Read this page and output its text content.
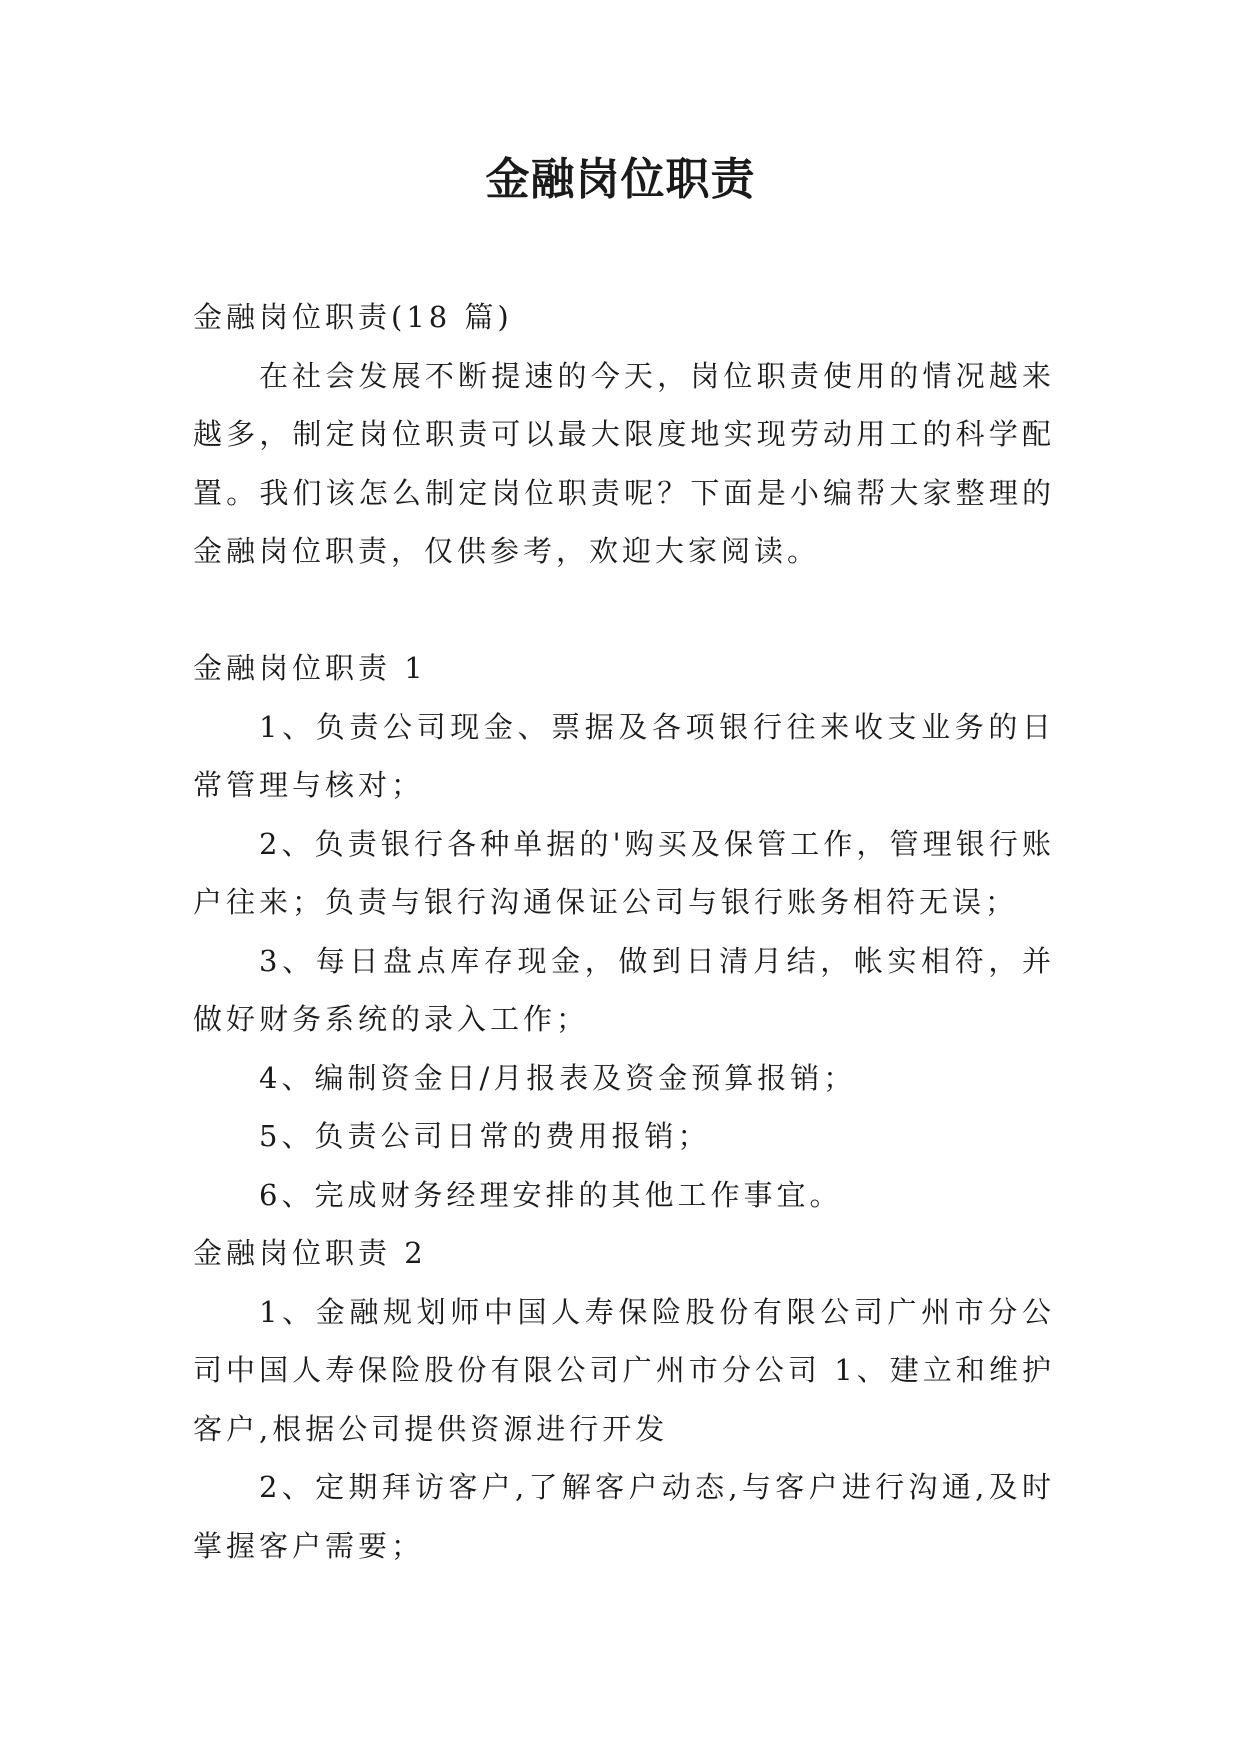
金融岗位职责

金融岗位职责(18 篇)

在社会发展不断提速的今天，岗位职责使用的情况越来越多，制定岗位职责可以最大限度地实现劳动用工的科学配置。我们该怎么制定岗位职责呢？下面是小编帮大家整理的金融岗位职责，仅供参考，欢迎大家阅读。

金融岗位职责 1

1、负责公司现金、票据及各项银行往来收支业务的日常管理与核对；

2、负责银行各种单据的'购买及保管工作，管理银行账户往来；负责与银行沟通保证公司与银行账务相符无误；

3、每日盘点库存现金，做到日清月结，帐实相符，并做好财务系统的录入工作；

4、编制资金日/月报表及资金预算报销；

5、负责公司日常的费用报销；

6、完成财务经理安排的其他工作事宜。

金融岗位职责 2

1、金融规划师中国人寿保险股份有限公司广州市分公司中国人寿保险股份有限公司广州市分公司 1、建立和维护客户,根据公司提供资源进行开发

2、定期拜访客户,了解客户动态,与客户进行沟通,及时掌握客户需要；
